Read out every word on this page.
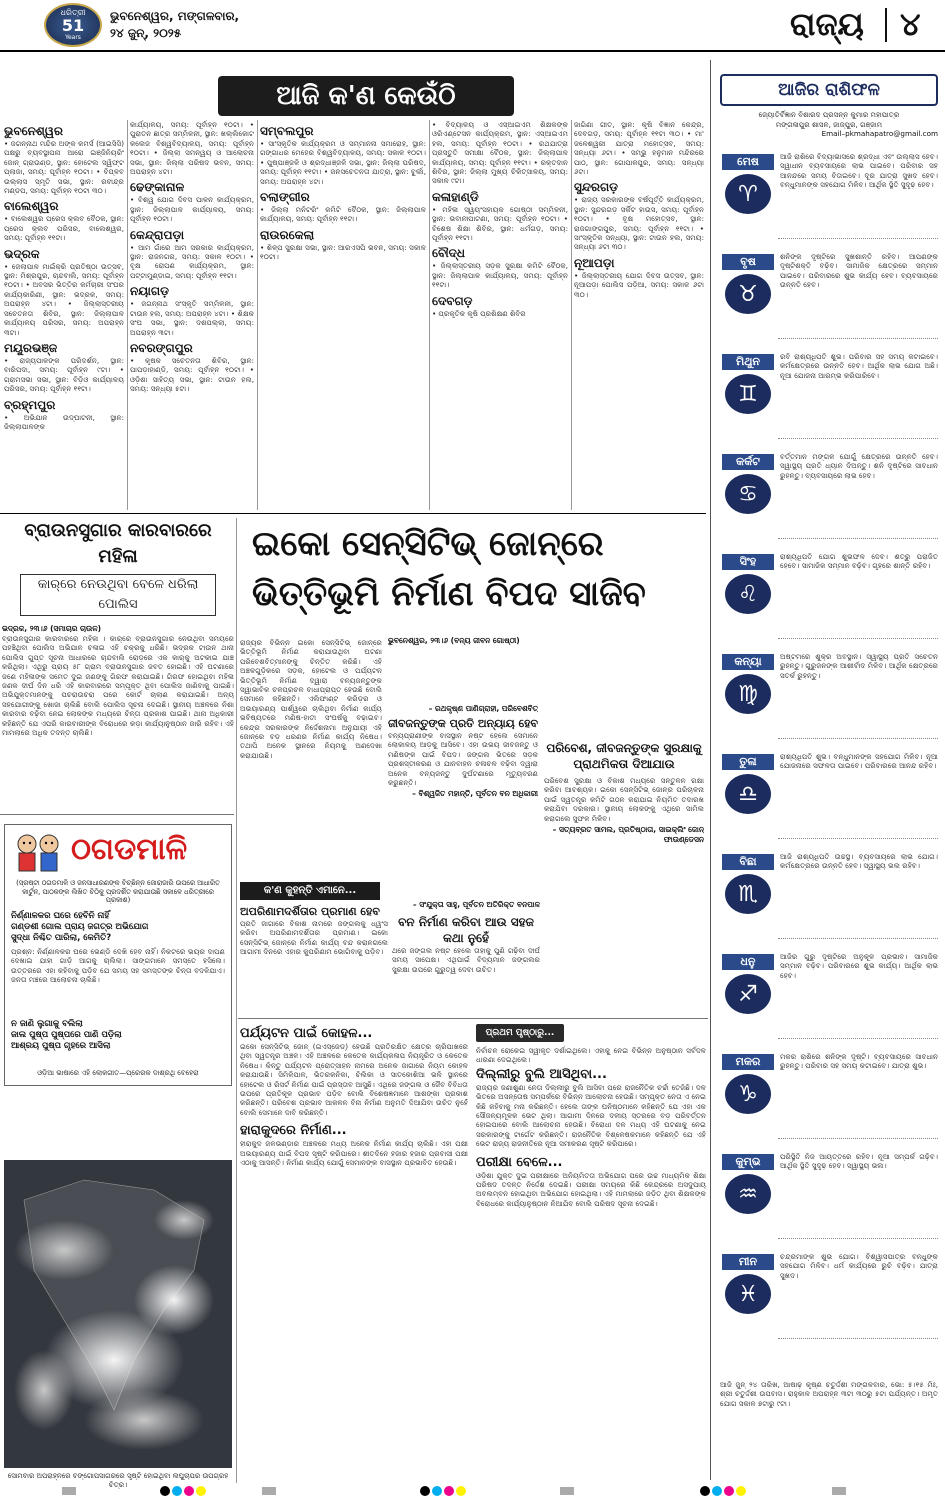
ଧରିତ୍ରୀ
51
Years
ଭୁବନେଶ୍ୱର, ମଙ୍ଗଳବାର,
୨୪ ଜୁନ୍, ୨୦୨୫	ରାଜ୍ୟ ୪
ଆଜି କ'ଣ କେଉଁଠି
ଭୁବନେଶ୍ୱର
• ଜଗନ୍ନାଥ ମନ୍ଦିର ଅଙ୍କ କମର୍ସ (ଆଇସିସି) ପକ୍ଷରୁ ବ୍ୟବସ୍ଥାପନା ଆରୋ ଇଞ୍ଜିନିୟରିଂ ଜୋନ୍ ଗ୍ରାଉଣ୍ଡ, ସ୍ଥାନ: ହୋଟେଲ ସ୍ୱିଫ୍ଟ ପ୍ଲାଜା, ସମୟ: ପୂର୍ବାହ୍ନ ୧୦ଟା। • ବିପ୍ଳବ ଉଲ୍ଲାସ ସ୍ମୃତି ସଭା, ସ୍ଥାନ: ରବୀନ୍ଦ୍ର ମଣ୍ଡପ, ସମୟ: ପୂର୍ବାହ୍ନ ୧୦ଟା ୩୦।
ବାଲେଶ୍ୱର
• ବାଲେଶ୍ୱର ପ୍ରେସ କ୍ଲବ ବୈଠକ, ସ୍ଥାନ: ପ୍ରେସ କ୍ଲବ ପରିସର, ବାଲେଶ୍ୱର, ସମୟ: ପୂର୍ବାହ୍ନ ୧୧ଟା।
ଭଦ୍ରକ
• ଜେଲାପାଳ ମାଇଁକ୍ରି ପ୍ରତିଷ୍ଠା ଉତ୍ସବ, ସ୍ଥାନ: ମିଶ୍ରପୁର, ଚାନ୍ଦବାଲି, ସମୟ: ପୂର୍ବାହ୍ନ ୧୦ଟା। • ଅବସର ଭିତ୍ତିର କର୍ମଚାରୀ ସଂଘର କାର୍ଯ୍ୟକାରିଣୀ, ସ୍ଥାନ: ଭଦ୍ରକ, ସମୟ: ଅପରାହ୍ନ ୪ଟା। • ଜିଲ୍ଲାସ୍ତରୀୟ ସଚେତନତା ଶିବିର, ସ୍ଥାନ: ଜିଲ୍ଲାପାଳ କାର୍ଯ୍ୟାଳୟ ପରିସର, ସମୟ: ଅପରାହ୍ନ ୩ଟା।
ମୟୂରଭଞ୍ଜ
• ରାଜ୍ୟପାଳଙ୍କ ପରିଦର୍ଶନ, ସ୍ଥାନ: ବାରିପଦା, ସମୟ: ପୂର୍ବାହ୍ନ ୯ଟା। • ଗ୍ରାମସଭା ସଭା, ସ୍ଥାନ: ବିଡ଼ିଓ କାର୍ଯ୍ୟାଳୟ ପରିସର, ସମୟ: ପୂର୍ବାହ୍ନ ୧୧ଟା।
ବ୍ରହ୍ମପୁର
• ଅଭିଯାନ ଉଦ୍‌ଘାଟନୀ, ସ୍ଥାନ: ଜିଲ୍ଲାପାଳଙ୍କ
କାର୍ଯ୍ୟାଳୟ, ସମୟ: ପୂର୍ବାହ୍ନ ୧୦ଟା। • ପୁରାତନ ଛାତ୍ର ସମ୍ମିଳନୀ, ସ୍ଥାନ: ଖଲ୍ଲିକୋଟ କଲେଜ ବିଶ୍ୱବିଦ୍ୟାଳୟ, ସମୟ: ପୂର୍ବାହ୍ନ ୧୦ଟା। • ଜିଲ୍ଲା ସମନ୍ୱୟ ଓ ଆଲୋଚନା ସଭା, ସ୍ଥାନ: ଜିଲ୍ଲା ପରିଷଦ ଭବନ, ସମୟ: ଅପରାହ୍ନ ୪ଟା।
ଢେଙ୍କାନାଳ
• ବିଶ୍ୱ ଯୋଗ ଦିବସ ପାଳନ କାର୍ଯ୍ୟକ୍ରମ, ସ୍ଥାନ: ଜିଲ୍ଲାପାଳ କାର୍ଯ୍ୟାଳୟ, ସମୟ: ପୂର୍ବାହ୍ନ ୧୦ଟା।
କେନ୍ଦ୍ରାପଡ଼ା
• ଆମ ଗାଁରେ ଆମ ସରକାର କାର୍ଯ୍ୟକ୍ରମ, ସ୍ଥାନ: ରାଜନଗର, ସମୟ: ସକାଳ ୧୦ଟା। • ବୃକ୍ଷ ରୋପଣ କାର୍ଯ୍ୟକ୍ରମ, ସ୍ଥାନ: ପଟ୍ଟାମୁଣ୍ଡାଇ, ସମୟ: ପୂର୍ବାହ୍ନ ୧୧ଟା।
ନୟାଗଡ଼
• ଜଗନ୍ନାଥ ସଂସ୍କୃତି ସମ୍ମିଳନୀ, ସ୍ଥାନ: ଟାଉନ ହଲ, ସମୟ: ଅପରାହ୍ନ ୪ଟା। • ଶିକ୍ଷକ ସଂଘ ସଭା, ସ୍ଥାନ: ଦଶପଲ୍ଲା, ସମୟ: ଅପରାହ୍ନ ୩ଟା।
ନବରଙ୍ଗପୁର
• କୃଷକ ସଚେତନତା ଶିବିର, ସ୍ଥାନ: ପାପଡ଼ାହାଣ୍ଡି, ସମୟ: ପୂର୍ବାହ୍ନ ୧୦ଟା। • ଓଡ଼ିଶା ସାହିତ୍ୟ ସଭା, ସ୍ଥାନ: ଟାଉନ ହଲ, ସମୟ: ସନ୍ଧ୍ୟା ୫ଟା।
ସମ୍ବଲପୁର
• ସାଂସ୍କୃତିକ କାର୍ଯ୍ୟକ୍ରମ ଓ ସମ୍ମାନନା ସମାରୋହ, ସ୍ଥାନ: ଗଙ୍ଗାଧର ମେହେର ବିଶ୍ୱବିଦ୍ୟାଳୟ, ସମୟ: ସକାଳ ୧୦ଟା। • ପୁଷ୍ପାଞ୍ଜଳି ଓ ଶ୍ରଦ୍ଧାଞ୍ଜଳି ସଭା, ସ୍ଥାନ: ଜିଲ୍ଲା ପରିଷଦ, ସମୟ: ପୂର୍ବାହ୍ନ ୧୧ଟା। • ଜନସଚେତନତା ଯାତ୍ରା, ସ୍ଥାନ: ବୁର୍ଲା, ସମୟ: ଅପରାହ୍ନ ୪ଟା।
ବଲାଙ୍ଗୀର
• ଜିଲ୍ଲା ମନିଟରିଂ କମିଟି ବୈଠକ, ସ୍ଥାନ: ଜିଲ୍ଲାପାଳ କାର୍ଯ୍ୟାଳୟ, ସମୟ: ପୂର୍ବାହ୍ନ ୧୧ଟା।
ରାଉରକେଲା
• ଶିଳ୍ପ ସୁରକ୍ଷା ସଭା, ସ୍ଥାନ: ଆରଏସପି ଭବନ, ସମୟ: ସକାଳ ୧୦ଟା।
• ବିଦ୍ୟାଳୟ ଓ ଏସ୍‌ଆଇଏମ ଶିକ୍ଷକଙ୍କ ଓରିଏଣ୍ଟେସନ କାର୍ଯ୍ୟକ୍ରମ, ସ୍ଥାନ: ଏସ୍‌ଆଇଏମ ହଲ, ସମୟ: ପୂର୍ବାହ୍ନ ୧୦ଟା। • ରଥଯାତ୍ରା ପ୍ରସ୍ତୁତି ସମୀକ୍ଷା ବୈଠକ, ସ୍ଥାନ: ଜିଲ୍ଲାପାଳ କାର୍ଯ୍ୟାଳୟ, ସମୟ: ପୂର୍ବାହ୍ନ ୧୧ଟା। • ରକ୍ତଦାନ ଶିବିର, ସ୍ଥାନ: ଜିଲ୍ଲା ମୁଖ୍ୟ ଚିକିତ୍ସାଳୟ, ସମୟ: ସକାଳ ୯ଟା।
କଳାହାଣ୍ଡି
• ମହିଳା ସ୍ୱୟଂସହାୟକ ଗୋଷ୍ଠୀ ସମ୍ମିଳନୀ, ସ୍ଥାନ: ଭବାନୀପାଟଣା, ସମୟ: ପୂର୍ବାହ୍ନ ୧୦ଟା। • ବିଶେଷ ଶିକ୍ଷା ଶିବିର, ସ୍ଥାନ: ଧର୍ମଗଡ଼, ସମୟ: ପୂର୍ବାହ୍ନ ୧୧ଟା।
ବୌଦ୍ଧ
• ଜିଲ୍ଲାସ୍ତରୀୟ ସଡ଼କ ସୁରକ୍ଷା କମିଟି ବୈଠକ, ସ୍ଥାନ: ଜିଲ୍ଲାପାଳ କାର୍ଯ୍ୟାଳୟ, ସମୟ: ପୂର୍ବାହ୍ନ ୧୧ଟା।
ଦେବଗଡ଼
• ପ୍ରକୃତିକ କୃଷି ପ୍ରଶିକ୍ଷଣ ଶିବିର
ଜାଗିଣା ଗୀତ, ସ୍ଥାନ: କୃଷି ବିଜ୍ଞାନ କେନ୍ଦ୍ର, ଦେବଗଡ଼, ସମୟ: ପୂର୍ବାହ୍ନ ୧୧ଟା ୩୦। • ମା' ଜଳେଶ୍ୱରୀ ଯାତ୍ରା ମହୋତ୍ସବ, ସମୟ: ସନ୍ଧ୍ୟା ୬ଟା। • ସମ୍ଭୁ ହନୁମାନ ମନ୍ଦିରରେ ପାଠ, ସ୍ଥାନ: ଗୋପାଳପୁର, ସମୟ: ସନ୍ଧ୍ୟା ୬ଟା।
ସୁନ୍ଦରଗଡ଼
• ରାଜ୍ୟ ସରକାରଙ୍କ ବର୍ଷପୂର୍ତ୍ତି କାର୍ଯ୍ୟକ୍ରମ, ସ୍ଥାନ: ସୁନ୍ଦରଗଡ଼ ସର୍କିଟ ହାଉସ, ସମୟ: ପୂର୍ବାହ୍ନ ୧୦ଟା। • ବୃକ୍ଷ ମହୋତ୍ସବ, ସ୍ଥାନ: ରାଜଗାଙ୍ଗପୁର, ସମୟ: ପୂର୍ବାହ୍ନ ୧୧ଟା। • ସାଂସ୍କୃତିକ ସନ୍ଧ୍ୟା, ସ୍ଥାନ: ଟାଉନ ହଲ, ସମୟ: ସନ୍ଧ୍ୟା ୬ଟା ୩୦।
ନୂଆପଡ଼ା
• ଜିଲ୍ଲାସ୍ତରୀୟ ଯୋଗ ଦିବସ ଉତ୍ସବ, ସ୍ଥାନ: ନୂଆପଡ଼ା ପୋଲିସ ପଡ଼ିଆ, ସମୟ: ସକାଳ ୬ଟା ୩୦।
ବ୍ରାଉନସୁଗାର କାରବାରରେ ମହିଳା
କାର୍‌ରେ ନେଉଥିବା ବେଳେ ଧରିଲା ପୋଲିସ
ଭଦ୍ରକ, ୨୩।୬ (ସମାଚାର ଚାଉଳ)
ବ୍ରାଉନସୁଗାର କାରବାରରେ ମହିଳା । କାର୍‌ରେ ବ୍ରାଉନସୁଗାର ନେଉଥିବା ସମୟରେ ପହଞ୍ଚିଥିବା ପୋଲିସ ଅଭିଯାନ ଚଳାଇ ଏହି ଚକ୍ରକୁ ଧରିଛି। ଭଦ୍ରକ ଟାଉନ ଥାନା ପୋଲିସ ଗୁପ୍ତ ସୂଚନା ଆଧାରରେ ଚାନ୍ଦବାଲି ରୋଡ଼ରେ ଏକ କାର୍‌କୁ ଅଟକାଇ ଯାଞ୍ଚ କରିଥିଲା। ଏଥିରୁ ପ୍ରାୟ ୫୮ ଗ୍ରାମ ବ୍ରାଉନସୁଗାର ଜବତ ହୋଇଛି। ଏହି ଘଟଣାରେ ଜଣେ ମହିଳାଙ୍କ ସମେତ ଦୁଇ ଜଣଙ୍କୁ ଗିରଫ କରାଯାଇଛି। ଗିରଫ ହୋଇଥିବା ମହିଳା ଜଣକ ଦୀର୍ଘ ଦିନ ଧରି ଏହି କାରବାରରେ ସମ୍ପୃକ୍ତ ଥିବା ପୋଲିସ ଜାଣିବାକୁ ପାଇଛି। ଅଭିଯୁକ୍ତମାନଙ୍କୁ ପଚରାଉଚରା ପରେ କୋର୍ଟ ଚାଲାଣ କରାଯାଇଛି। ଅନ୍ୟ ସହଯୋଗୀଙ୍କୁ ଖୋଜା ଚାଲିଛି ବୋଲି ପୋଲିସ ସୂଚନା ଦେଇଛି। ସ୍ଥାନୀୟ ଅଞ୍ଚଳରେ ନିଶା କାରବାର ବଢ଼ିବା ନେଇ ଲୋକଙ୍କ ମଧ୍ୟରେ ଚିନ୍ତା ପ୍ରକାଶ ପାଇଛି। ଥାନା ଅଧିକାରୀ କହିଛନ୍ତି ଯେ ଏପରି କାରବାରୀଙ୍କ ବିରୋଧରେ କଡ଼ା କାର୍ଯ୍ୟାନୁଷ୍ଠାନ ଜାରି ରହିବ। ଏହି ମାମଲାରେ ଅଧିକ ତଦନ୍ତ ଚାଲିଛି।
ଠଗଡମାଳି
(ସ୍ରଷ୍ଟା ଠଗଡମାଳି ଓ ଜନସାଧାରଣଙ୍କ ବିଚ୍ଛିନ୍ନ ଜୋରାଜାରି ଉପରେ ଆଧାରିତ କାର୍ଟୁନ, ପାଠକଙ୍କ ଲିଖିତ ଚିଠିକୁ ପ୍ରଦର୍ଶିତ କରାଯାଉଛି ସକାଳେ ଧରିତ୍ରୀରେ ପ୍ରକାଶ)
ନିର୍ଣ୍ଣାଳକର ଘରେ ହେବିନି ନାହିଁ
ଗଣ୍ଡଶୀ ଗୋଲ ପ୍ରାୟ ଜଗତ୍ର ଅଭିଯୋଗ
ସୁଦ୍ଧା ନିଶ୍ଚିତ ପାରିଲା, କେମିତି?
ପ୍ରଶ୍ନ: ନିର୍ଣ୍ଣାଳକର ଘରେ ଭେଣ୍ଡି ଦେଖି ହେବ ନାହିଁ। ନିକଟରେ ଭୟର ଦାପଣ ଦେଖାଇ ଯାହା ଗାଡ଼ି ଆଗକୁ ଚାଲିଲା। ସାଙ୍ଗମାନେ ସମସ୍ତେ ହସିଲେ। ଉତ୍ତରରେ ଏହା କହିବାକୁ ପଡ଼ିବ ଯେ ସମୟ ସହ ସମସ୍ତଙ୍କ ଚିନ୍ତା ବଦଳିଯାଏ। ଜନତା ମଞ୍ଚରେ ଆଲୋଚନା ଚାଲିଛି।
ନ ଜାଣି ଲୁଗାକୁ ବଲିଲା
ଜାଲ ପୁଷ୍ପ ପୁଷ୍ପରେ ପାଣି ପଡ଼ିଲା
ଆଶ୍ରୟ ପୁଷ୍ପ ଗୃହରେ ଆସିଲା
ଓଡ଼ିଆ ଭାଷାରେ ଏହି ଲୋକଗୀତ—ପ୍ରେରକ ଦାଶ୍ରଥି ବେହେରା
ସୋମବାର ଅପରାହ୍ନରେ ବଙ୍ଗୋପସାଗରରେ ସୃଷ୍ଟି ହୋଇଥିବା ଲଘୁଚାପର ଉପଗ୍ରହ ଚିତ୍ର।
ଇକୋ ସେନ୍‌ସିଟିଭ୍ ଜୋନ୍‌ରେ
ଭିତ୍ତିଭୂମି ନିର୍ମାଣ ବିପଦ ସାଜିବ
ରାଜ୍ୟର ବିଭିନ୍ନ ଇକୋ ସେନ୍‌ସିଟିଭ୍ ଜୋନ୍‌ରେ ଭିତ୍ତିଭୂମି ନିର୍ମାଣ କରାଯାଉଥିବା ଘଟଣା ପରିବେଶବିତ୍‌ମାନଙ୍କୁ ଚିନ୍ତିତ କରିଛି। ଏହି ଅଞ୍ଚଳଗୁଡ଼ିକରେ ସଡ଼କ, ହୋଟେଲ ଓ ପର୍ଯ୍ୟଟନ ଭିତ୍ତିଭୂମି ନିର୍ମାଣ ଦ୍ୱାରା ବନ୍ୟଜନ୍ତୁଙ୍କ ସ୍ୱାଭାବିକ ଚଳପ୍ରଚଳ ବାଧାପ୍ରାପ୍ତ ହେଉଛି ବୋଲି ସେମାନେ କହିଛନ୍ତି। ଏଲିଫାଣ୍ଟ କରିଡ଼ର ଓ ଅଭୟାରଣ୍ୟ ପାର୍ଶ୍ୱରେ ଚାଲିଥିବା ନିର୍ମାଣ କାର୍ଯ୍ୟ ଭବିଷ୍ୟତରେ ମଣିଷ-ହାତୀ ସଂଘର୍ଷକୁ ବଢ଼ାଇବ। କେନ୍ଦ୍ର ସରକାରଙ୍କ ନିର୍ଦ୍ଦେଶନାମା ଅନୁଯାୟୀ ଏହି ଜୋନ୍‌ରେ ବଡ଼ ଧରଣର ନିର୍ମାଣ କାର୍ଯ୍ୟ ନିଷେଧ। ତଥାପି ଅନେକ ସ୍ଥାନରେ ନିୟମକୁ ଅଣଦେଖା କରାଯାଉଛି।
ଭୁବନେଶ୍ୱର, ୨୩।୬ (ବନ୍ୟ ଜୀବନ ଗୋଷ୍ଠୀ)
– ରଥକୃଷ୍ଣ ପାଣିଗ୍ରାହୀ, ପରିବେଶବିତ୍
ଜୀବଜନ୍ତୁଙ୍କ ପ୍ରତି ଅନ୍ୟାୟ ହେବ
ବନ୍ୟପ୍ରାଣୀଙ୍କ ବାସସ୍ଥାନ ନଷ୍ଟ ହେଲେ ସେମାନେ ଲୋକାଳୟ ଆଡ଼କୁ ଆସିବେ। ଏହା ଉଭୟ ଜୀବଜନ୍ତୁ ଓ ମଣିଷଙ୍କ ପାଇଁ ବିପଦ। ଜଙ୍ଗଲ ଭିତରେ ସଡ଼କ ପ୍ରଶସ୍ତୀକରଣ ଓ ଯାନବାହନ ଚଳାଚଳ ବଢ଼ିବା ଦ୍ୱାରା ଅନେକ ବନ୍ୟଜନ୍ତୁ ଦୁର୍ଘଟଣାରେ ମୃତ୍ୟୁବରଣ କରୁଛନ୍ତି।
– ବିଶ୍ୱଜିତ ମହାନ୍ତି, ପୂର୍ବତନ ବନ ଅଧିକାରୀ
ପରିବେଶ, ଜୀବଜନ୍ତୁଙ୍କ ସୁରକ୍ଷାକୁ ପ୍ରାଥମିକତା ଦିଆଯାଉ
ପରିବେଶ ସୁରକ୍ଷା ଓ ବିକାଶ ମଧ୍ୟରେ ସନ୍ତୁଳନ ରକ୍ଷା କରିବା ଆବଶ୍ୟକ। ଇକୋ ସେନ୍‌ସିଟିଭ୍ ଜୋନ୍‌ର ପରିଚାଳନା ପାଇଁ ସ୍ୱତନ୍ତ୍ର କମିଟି ଗଠନ କରାଯାଇ ନିୟମିତ ତଦାରଖ କରାଯିବା ଦରକାର। ସ୍ଥାନୀୟ ଲୋକଙ୍କୁ ଏଥିରେ ସାମିଲ କରାଗଲେ ସୁଫଳ ମିଳିବ।
– ସତ୍ୟବ୍ରତ ସାମଲ, ପ୍ରତିଷ୍ଠାତା, ସାଇକ୍ଲିଂ ଜୋନ୍ ଫାଉଣ୍ଡେସନ
କ'ଣ କୁହନ୍ତି ଏମାନେ...
ଅପରିଣାମଦର୍ଶିତାର ପ୍ରମାଣ ହେବ
ପ୍ରତି ଜାଗାରେ ବିକାଶ ନାମରେ ଜଙ୍ଗଲକୁ ଧ୍ୱଂସ କରିବା ଅପରିଣାମଦର୍ଶିତାର ପ୍ରମାଣ। ଇକୋ ସେନ୍‌ସିଟିଭ୍ ଜୋନ୍‌ରେ ନିର୍ମାଣ କାର୍ଯ୍ୟ ବନ୍ଦ କରାନଗଲେ ଆଗାମୀ ଦିନରେ ଏହାର କୁପରିଣାମ ଭୋଗିବାକୁ ପଡ଼ିବ।
– ସଂଯୁକ୍ତା ସାହୁ, ପୂର୍ବତନ ଅତିରିକ୍ତ ବନପାଳ
ବନ ନିର୍ମାଣ କରିବା ଆଉ ସହଜ କଥା ନୁହେଁ
ଥରେ ଜଙ୍ଗଲ ନଷ୍ଟ ହେଲେ ତାହାକୁ ପୁଣି ଗଢ଼ିବା ଦୀର୍ଘ ସମୟ ସାପେକ୍ଷ। ଏଥିପାଇଁ ବିଦ୍ୟମାନ ଜଙ୍ଗଲର ସୁରକ୍ଷା ଉପରେ ଗୁରୁତ୍ୱ ଦେବା ଉଚିତ।
ପର୍ଯ୍ୟଟନ ପାଇଁ କୋହଳ...
ଇକୋ ସେନ୍‌ସିଟିଭ୍ ଜୋନ୍ (ଇଏସ୍‌ଜେଡ୍) ହେଉଛି ପ୍ରତିରକ୍ଷିତ କ୍ଷେତ୍ର ଚାରିପାଖରେ ଥିବା ସ୍ୱତନ୍ତ୍ର ଅଞ୍ଚଳ। ଏହି ଅଞ୍ଚଳରେ କେତେକ କାର୍ଯ୍ୟକଳାପ ନିୟନ୍ତ୍ରିତ ଓ କେତେକ ନିଷେଧ। କିନ୍ତୁ ପର୍ଯ୍ୟଟନ ପ୍ରୋତ୍ସାହନ ନାମରେ ଅନେକ ଜାଗାରେ ନିୟମ କୋହଳ କରାଯାଉଛି। ସିମିଳିପାଳ, ଭିତରକନିକା, ଚିଲିକା ଓ ସାତକୋଶିଆ ଭଳି ସ୍ଥାନରେ ହୋଟେଲ ଓ ରିସର୍ଟ ନିର୍ମାଣ ପାଇଁ ପ୍ରସ୍ତାବ ଆସୁଛି। ଏଥିରେ ଜଙ୍ଗଲ ଓ ଜୈବ ବିବିଧତା ଉପରେ ପ୍ରତିକୂଳ ପ୍ରଭାବ ପଡ଼ିବ ବୋଲି ବିଶେଷଜ୍ଞମାନେ ଆଶଙ୍କା ପ୍ରକାଶ କରିଛନ୍ତି। ପରିବେଶ ପ୍ରଭାବ ଆକଳନ ବିନା ନିର୍ମାଣ ଅନୁମତି ଦିଆଯିବା ଉଚିତ ନୁହେଁ ବୋଲି ସେମାନେ ଦାବି କରିଛନ୍ତି।
ହାରାକୁଦରେ ନିର୍ମାଣ...
ହୀରାକୁଦ ଜଳଭଣ୍ଡାର ଅଞ୍ଚଳରେ ମଧ୍ୟ ଅନେକ ନିର୍ମାଣ କାର୍ଯ୍ୟ ଚାଲିଛି। ଏହା ପକ୍ଷୀ ଅଭୟାରଣ୍ୟ ପାଇଁ ବିପଦ ସୃଷ୍ଟି କରିପାରେ। ଶୀତଦିନେ ହଜାର ହଜାର ପ୍ରବାସୀ ପକ୍ଷୀ ଏଠାକୁ ଆସନ୍ତି। ନିର୍ମାଣ କାର୍ଯ୍ୟ ଯୋଗୁଁ ସେମାନଙ୍କ ବାସସ୍ଥାନ ପ୍ରଭାବିତ ହେଉଛି।
ପ୍ରଥମ ପୃଷ୍ଠାରୁ...
ନିର୍ବାଚନ ରୋକେଇ ସ୍ୱୀକୃତ ଦର୍ଶାଇଥିଲେ। ଏହାକୁ ନେଇ ବିଭିନ୍ନ ଅନୁଷ୍ଠାନ ସର୍ବଦଳ ଧାରଣା ଦେଇଥିଲେ।
ଦିଲ୍ଲୀରୁ ବୁଲି ଆସିଥିବା...
ରାଜ୍ୟର ଜଣାଶୁଣା ନେତା ଦିଲ୍ଲୀରୁ ବୁଲି ଆସିବା ପରେ ରାଜନୈତିକ ଚର୍ଚ୍ଚା ତେଜିଛି। ଦଳ ଭିତରେ ଅସନ୍ତୋଷ ସମ୍ପର୍କରେ ବିଭିନ୍ନ ଆଲୋଚନା ହେଉଛି। ସମ୍ପୃକ୍ତ ନେତା ଏ ନେଇ କିଛି କହିବାକୁ ମନା କରିଛନ୍ତି। ହେଲେ ତାଙ୍କ ଘନିଷ୍ଠମାନେ କହିଛନ୍ତି ଯେ ଏହା ଏକ ସୌଜନ୍ୟମୂଳକ ଭେଟ ଥିଲା। ଆଗାମୀ ଦିନରେ ଦଳୀୟ ସ୍ତରରେ ବଡ଼ ପରିବର୍ତ୍ତନ ହୋଇପାରେ ବୋଲି ଆଲୋଚନା ହେଉଛି। ବିରୋଧୀ ଦଳ ମଧ୍ୟ ଏହି ଘଟଣାକୁ ନେଇ ସରକାରଙ୍କୁ ଟାର୍ଗେଟ କରିଛନ୍ତି। ରାଜନୈତିକ ବିଶ୍ଳେଷକମାନେ କହିଛନ୍ତି ଯେ ଏହି ଭେଟ ରାଜ୍ୟ ରାଜନୀତିରେ ନୂଆ ସମୀକରଣ ସୃଷ୍ଟି କରିପାରେ।
ପରୀକ୍ଷା ବେଳେ...
ଓଡ଼ିଶା ଯୁକ୍ତ ଦୁଇ ପରୀକ୍ଷାରେ ଅନିୟମିତତା ଅଭିଯୋଗ ପରେ ଉଚ୍ଚ ମାଧ୍ୟମିକ ଶିକ୍ଷା ପରିଷଦ ତଦନ୍ତ ନିର୍ଦ୍ଦେଶ ଦେଇଛି। ପରୀକ୍ଷା ସମୟରେ କିଛି କେନ୍ଦ୍ରରେ ଅସଦୁପାୟ ଅବଲମ୍ବନ ହୋଇଥିବା ଅଭିଯୋଗ ହୋଇଥିଲା। ଏହି ମାମଲାରେ ଜଡ଼ିତ ଥିବା ଶିକ୍ଷକଙ୍କ ବିରୋଧରେ କାର୍ଯ୍ୟାନୁଷ୍ଠାନ ନିଆଯିବ ବୋଲି ପରିଷଦ ସୂଚନା ଦେଇଛି।
ଆଜିର ରାଶିଫଳ
ଜ୍ୟୋତିର୍ବିଜ୍ଞାନ ବିଶାରଦ ପ୍ରସନ୍ନ କୁମାର ମହାପାତ୍ର
ମଙ୍ଗଳାପୁର ଶାସନ, ଜାଜ୍‌ପୁର, ଗଞ୍ଜାମ
Email–pkmahapatro@gmail.com
ମେଷ
♈
ଆଜି ରାଶିରେ ବିଦ୍ୟାଭାସରେ ଶ୍ରଦ୍ଧା ଏବଂ ଉଲ୍ଲାସ ହେବ। ସ୍ୱାଧୀନ ବ୍ୟବସାୟରେ ଲାଭ ପାଇବେ। ପରିବାର ସହ ଆନନ୍ଦରେ ସମୟ ବିତାଇବେ। ଦୂର ଯାତ୍ରା ସୁଖଦ ହେବ। ବନ୍ଧୁମାନଙ୍କ ସହଯୋଗ ମିଳିବ। ଆର୍ଥିକ ସ୍ଥିତି ସୁଦୃଢ଼ ହେବ।
ବୃଷ
♉
ଶନିଙ୍କ ଦୃଷ୍ଟିରେ ସୁଖଶାନ୍ତି ରହିବ। ଆପଣଙ୍କ ଦୃଷ୍ଟିଶକ୍ତି ବଢ଼ିବ। ସାମାଜିକ କ୍ଷେତ୍ରରେ ସମ୍ମାନ ପାଇବେ। ପରିବାରରେ ଶୁଭ କାର୍ଯ୍ୟ ହେବ। ବ୍ୟବସାୟରେ ଉନ୍ନତି ହେବ।
ମିଥୁନ
♊
ରବି ରାଶ୍ୟଧିପତି ଶୁଭ। ପରିବାର ସହ ସମୟ କଟାଇବେ। କର୍ମକ୍ଷେତ୍ରରେ ଉନ୍ନତି ହେବ। ଆର୍ଥିକ ଲାଭ ଯୋଗ ଅଛି। ନୂଆ ଯୋଜନା ଆରମ୍ଭ କରିପାରିବେ।
କର୍କଟ
♋
ବର୍ତ୍ତମାନ ମଙ୍ଗଳ ଯୋଗୁଁ କ୍ଷେତ୍ରରେ ଉନ୍ନତି ହେବ। ସ୍ୱାସ୍ଥ୍ୟ ପ୍ରତି ଧ୍ୟାନ ଦିଅନ୍ତୁ। ଶନି ଦୃଷ୍ଟିରେ ସାବଧାନ ରୁହନ୍ତୁ। ବ୍ୟବସାୟରେ ଲାଭ ହେବ।
ସିଂହ
♌
ରାଶ୍ୟଧିପତି ଯୋଗ ଶୁଭଫଳ ଦେବ। ଶତ୍ରୁ ପରାଜିତ ହେବେ। ସାମାଜିକ ସମ୍ମାନ ବଢ଼ିବ। ଗୃହରେ ଶାନ୍ତି ରହିବ।
କନ୍ୟା
♍
ଅଷ୍ଟମରେ ଶୁକ୍ର ଅବସ୍ଥାନ। ସ୍ୱାସ୍ଥ୍ୟ ପ୍ରତି ସଚେତନ ରୁହନ୍ତୁ। ଗୁରୁଜନଙ୍କ ଆଶୀର୍ବାଦ ମିଳିବ। ଆର୍ଥିକ କ୍ଷେତ୍ରରେ ସତର୍କ ରୁହନ୍ତୁ।
ତୁଳା
♎
ରାଶ୍ୟଧିପତି ଶୁଭ। ବନ୍ଧୁମାନଙ୍କ ସହଯୋଗ ମିଳିବ। ନୂଆ ଯୋଜନାରେ ସଫଳତା ପାଇବେ। ପରିବାରରେ ଆନନ୍ଦ ରହିବ।
ବିଛା
♏
ଆଜି ରାଶ୍ୟଧିପତି ଉଚ୍ଚସ୍ଥ। ବ୍ୟବସାୟରେ ଲାଭ ଯୋଗ। କର୍ମକ୍ଷେତ୍ରରେ ଉନ୍ନତି ହେବ। ସ୍ୱାସ୍ଥ୍ୟ ଭଲ ରହିବ।
ଧନୁ
♐
ଆଜିର ଗୁରୁ ଦୃଷ୍ଟିରେ ଅନୁକୂଳ ପ୍ରଭାବ। ସାମାଜିକ ସମ୍ମାନ ବଢ଼ିବ। ପରିବାରରେ ଶୁଭ କାର୍ଯ୍ୟ। ଆର୍ଥିକ ଲାଭ ହେବ।
ମକର
♑
ମକର ରାଶିରେ ଶନିଙ୍କ ଦୃଷ୍ଟି। ବ୍ୟବସାୟରେ ସାବଧାନ ରୁହନ୍ତୁ। ପରିବାର ସହ ସମୟ କଟାଇବେ। ଯାତ୍ରା ଶୁଭ।
କୁମ୍ଭ
♒
ପରିସ୍ଥିତି ନିଜ ଆୟତ୍ତରେ ରହିବ। ନୂଆ ସମ୍ପର୍କ ଗଢ଼ିବ। ଆର୍ଥିକ ସ୍ଥିତି ସୁଦୃଢ଼ ହେବ। ସ୍ୱାସ୍ଥ୍ୟ ଭଲ।
ମୀନ
♓
ଚନ୍ଦ୍ରମାଙ୍କ ଶୁଭ ଯୋଗ। ବିଶ୍ୱାସପାତ୍ର ବନ୍ଧୁଙ୍କ ସହଯୋଗ ମିଳିବ। ଧର୍ମ କାର୍ଯ୍ୟରେ ରୁଚି ବଢ଼ିବ। ଯାତ୍ରା ସୁଖଦ।
ଆଜି ଜୁନ୍ ୨୪ ତାରିଖ, ଆଷାଢ଼ କୃଷ୍ଣ ଚତୁର୍ଦ୍ଦଶୀ ମଙ୍ଗଳବାର, ଭୋ: ୫।୧୫ ମିଃ, ଶ୍ରୀ ଚତୁର୍ଦ୍ଦଶୀ ଉପବାସ। ରାହୁକାଳ ଅପରାହ୍ନ ୩ଟା ୩୦ରୁ ୫ଟା ପର୍ଯ୍ୟନ୍ତ। ଅମୃତ ଯୋଗ ସକାଳ ୭ଟାରୁ ୯ଟା।
